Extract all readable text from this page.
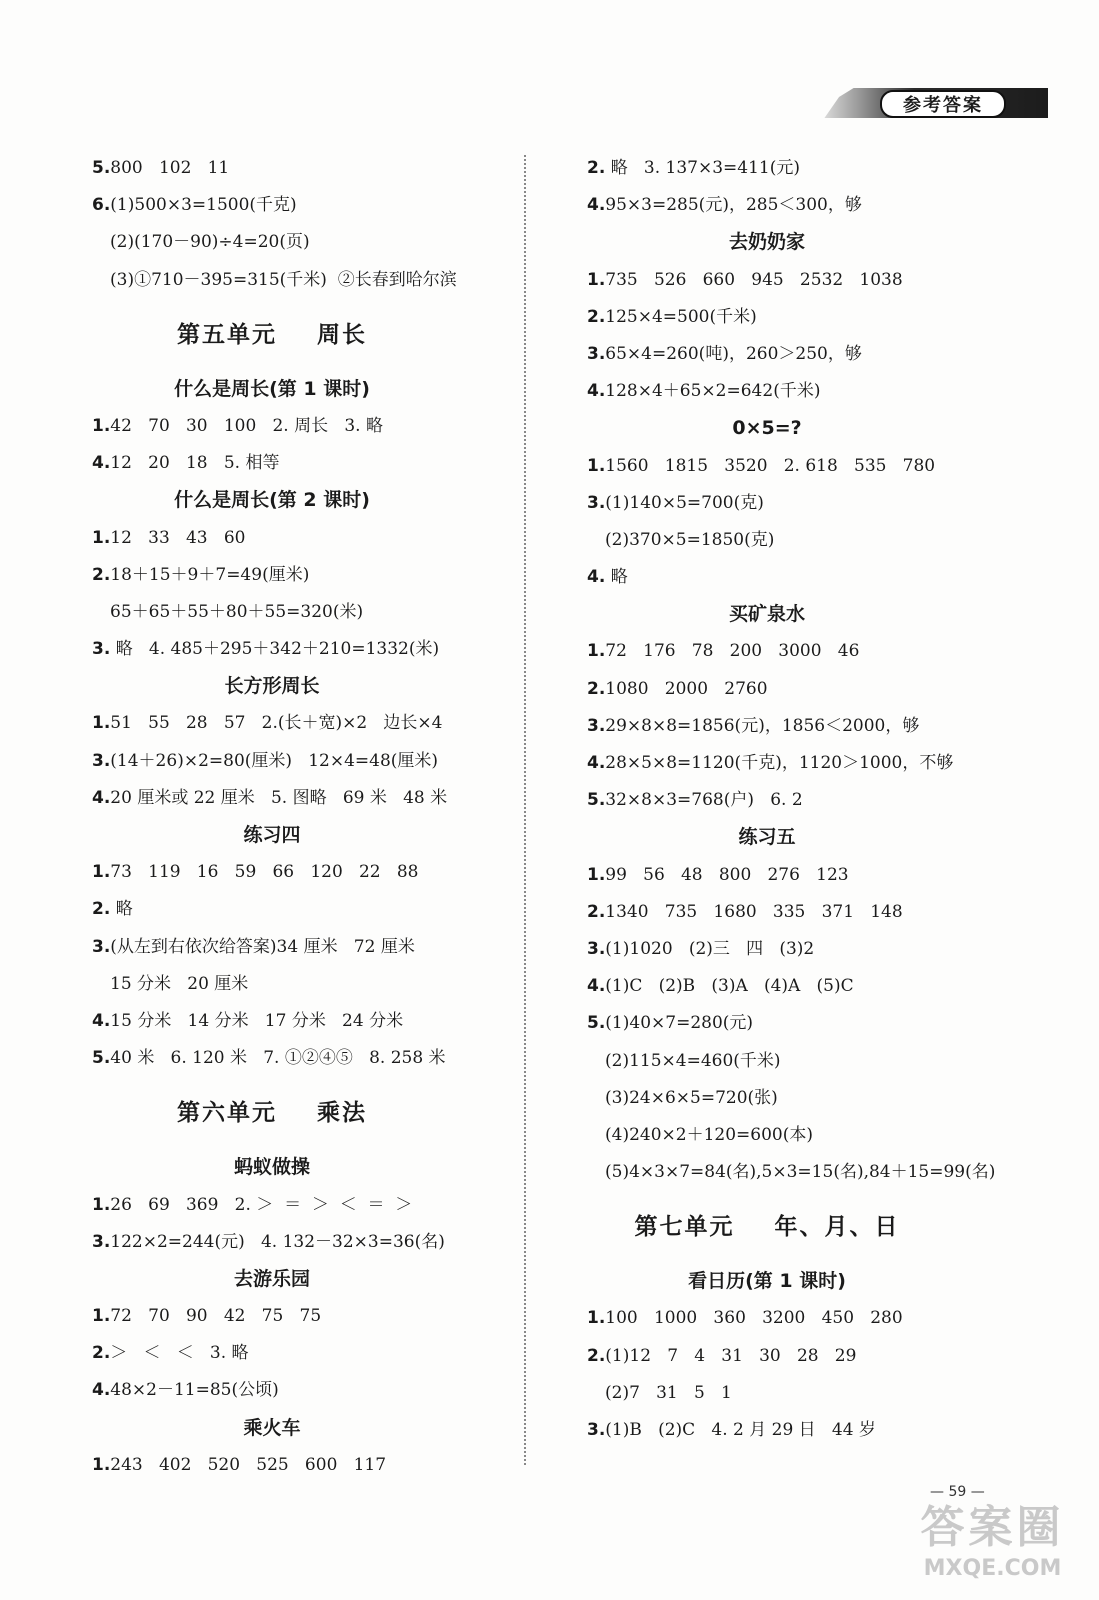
参考答案
5.800   102   11
6.(1)500×3=1500(千克)
(2)(170－90)÷4=20(页)
(3)①710－395=315(千米)  ②长春到哈尔滨
第五单元    周长
什么是周长(第 1 课时)
1.42   70   30   100   2. 周长   3. 略
4.12   20   18   5. 相等
什么是周长(第 2 课时)
1.12   33   43   60
2.18＋15＋9＋7=49(厘米)
65＋65＋55＋80＋55=320(米)
3. 略   4. 485＋295＋342＋210=1332(米)
长方形周长
1.51   55   28   57   2.(长＋宽)×2   边长×4
3.(14＋26)×2=80(厘米)   12×4=48(厘米)
4.20 厘米或 22 厘米   5. 图略   69 米   48 米
练习四
1.73   119   16   59   66   120   22   88
2. 略
3.(从左到右依次给答案)34 厘米   72 厘米
15 分米   20 厘米
4.15 分米   14 分米   17 分米   24 分米
5.40 米   6. 120 米   7. ①②④⑤   8. 258 米
第六单元    乘法
蚂蚁做操
1.26   69   369   2. ＞  ＝  ＞  ＜  ＝  ＞
3.122×2=244(元)   4. 132－32×3=36(名)
去游乐园
1.72   70   90   42   75   75
2.＞   ＜   ＜   3. 略
4.48×2－11=85(公顷)
乘火车
1.243   402   520   525   600   117
2. 略   3. 137×3=411(元)
4.95×3=285(元)，285＜300，够
去奶奶家
1.735   526   660   945   2532   1038
2.125×4=500(千米)
3.65×4=260(吨)，260＞250，够
4.128×4＋65×2=642(千米)
0×5=?
1.1560   1815   3520   2. 618   535   780
3.(1)140×5=700(克)
(2)370×5=1850(克)
4. 略
买矿泉水
1.72   176   78   200   3000   46
2.1080   2000   2760
3.29×8×8=1856(元)，1856＜2000，够
4.28×5×8=1120(千克)，1120＞1000，不够
5.32×8×3=768(户)   6. 2
练习五
1.99   56   48   800   276   123
2.1340   735   1680   335   371   148
3.(1)1020   (2)三   四   (3)2
4.(1)C   (2)B   (3)A   (4)A   (5)C
5.(1)40×7=280(元)
(2)115×4=460(千米)
(3)24×6×5=720(张)
(4)240×2＋120=600(本)
(5)4×3×7=84(名),5×3=15(名),84＋15=99(名)
第七单元    年、月、日
看日历(第 1 课时)
1.100   1000   360   3200   450   280
2.(1)12   7   4   31   30   28   29
(2)7   31   5   1
3.(1)B   (2)C   4. 2 月 29 日   44 岁
— 59 —
答案圈
MXQE.COM
